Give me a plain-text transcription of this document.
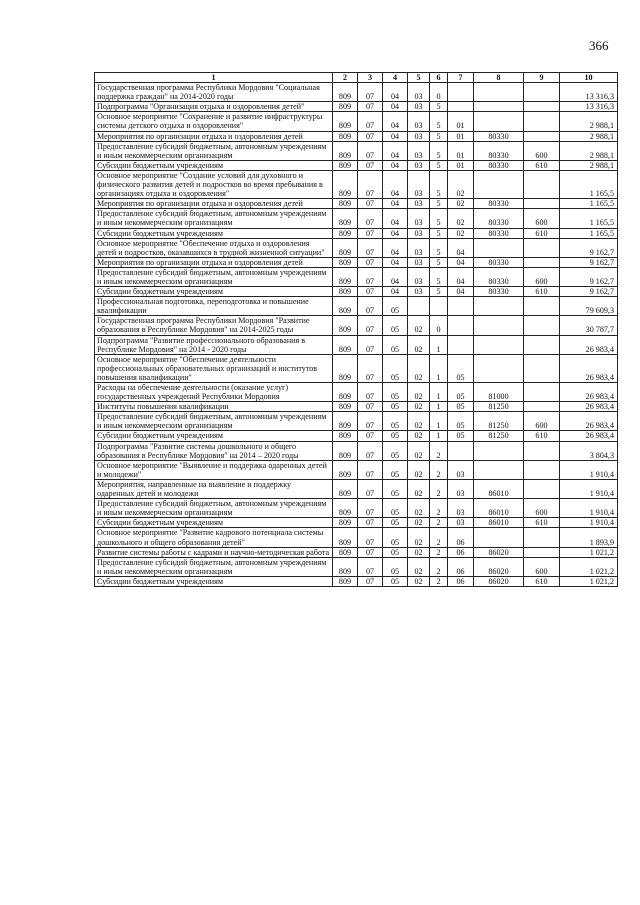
366
1	2	3	4	5	6	7	8	9	10
Государственная программа Республики Мордовия "Социальная поддержка граждан" на 2014-2020 годы	809	07	04	03	0				13 316,3
Подпрограмма "Организация отдыха и оздоровления детей"	809	07	04	03	5				13 316,3
Основное мероприятие "Сохранение и развитие инфраструктуры системы детского отдыха и оздоровления"	809	07	04	03	5	01			2 988,1
Мероприятия по организации отдыха и оздоровления детей	809	07	04	03	5	01	80330		2 988,1
Предоставление субсидий бюджетным, автономным учреждениям и иным некоммерческим организациям	809	07	04	03	5	01	80330	600	2 988,1
Субсидии бюджетным учреждениям	809	07	04	03	5	01	80330	610	2 988,1
Основное мероприятие "Создание условий для духовного и физического развития детей и подростков во время пребывания в организациях отдыха и оздоровления"	809	07	04	03	5	02			1 165,5
Мероприятия по организации отдыха и оздоровления детей	809	07	04	03	5	02	80330		1 165,5
Предоставление субсидий бюджетным, автономным учреждениям и иным некоммерческим организациям	809	07	04	03	5	02	80330	600	1 165,5
Субсидии бюджетным учреждениям	809	07	04	03	5	02	80330	610	1 165,5
Основное мероприятие "Обеспечение отдыха и оздоровления детей и подростков, оказавшихся в трудной жизненной ситуации"	809	07	04	03	5	04			9 162,7
Мероприятия по организации отдыха и оздоровления детей	809	07	04	03	5	04	80330		9 162,7
Предоставление субсидий бюджетным, автономным учреждениям и иным некоммерческим организациям	809	07	04	03	5	04	80330	600	9 162,7
Субсидии бюджетным учреждениям	809	07	04	03	5	04	80330	610	9 162,7
Профессиональная подготовка, переподготовка и повышение квалификации	809	07	05						79 609,3
Государственная программа Республики Мордовия "Развитие образования в Республике Мордовия" на 2014-2025 годы	809	07	05	02	0				30 787,7
Подпрограмма "Развитие профессионального образования в Республике Мордовия" на 2014 - 2020 годы	809	07	05	02	1				26 983,4
Основное мероприятие "Обеспечение деятельности профессиональных образовательных организаций и институтов повышения квалификации"	809	07	05	02	1	05			26 983,4
Расходы на обеспечение деятельности (оказание услуг) государственных учреждений Республики Мордовия	809	07	05	02	1	05	81000		26 983,4
Институты повышения квалификации	809	07	05	02	1	05	81250		26 983,4
Предоставление субсидий бюджетным, автономным учреждениям и иным некоммерческим организациям	809	07	05	02	1	05	81250	600	26 983,4
Субсидии бюджетным учреждениям	809	07	05	02	1	05	81250	610	26 983,4
Подпрограмма "Развитие системы дошкольного и общего образования в Республике Мордовия" на 2014 – 2020 годы	809	07	05	02	2				3 804,3
Основное мероприятие "Выявление и поддержка одаренных детей и молодежи"	809	07	05	02	2	03			1 910,4
Мероприятия, направленные на выявление и поддержку одаренных детей и молодежи	809	07	05	02	2	03	86010		1 910,4
Предоставление субсидий бюджетным, автономным учреждениям и иным некоммерческим организациям	809	07	05	02	2	03	86010	600	1 910,4
Субсидии бюджетным учреждениям	809	07	05	02	2	03	86010	610	1 910,4
Основное мероприятие "Развитие кадрового потенциала системы дошкольного и общего образования детей"	809	07	05	02	2	06			1 893,9
Развитие системы работы с кадрами и научно-методическая работа	809	07	05	02	2	06	86020		1 021,2
Предоставление субсидий бюджетным, автономным учреждениям и иным некоммерческим организациям	809	07	05	02	2	06	86020	600	1 021,2
Субсидии бюджетным учреждениям	809	07	05	02	2	06	86020	610	1 021,2
